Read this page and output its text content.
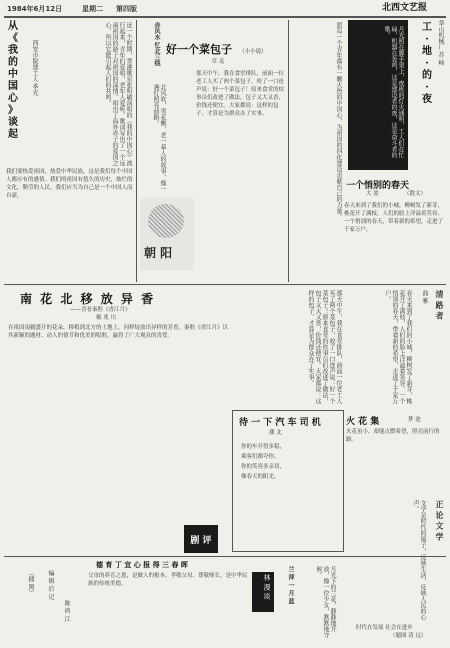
1984年6月12日	星期二	第四版	北西文艺报
从
《
我
的
中
国
心
》
谈
起
西安市院建工人 季光	近一个时期，香港歌星张明敏演唱的《我的中国心》流行起来，青年们爱唱，老年人爱听。歌词写出了一个远离祖国的游子对祖国的深情。唱出了海外赤子的爱国之心，所以它能引起人们的共鸣。
我们要热爱祖国，热爱中华民族，这是我们每个中国人都应有的感情。我们的祖国有悠久的历史，灿烂的文化，勤劳的人民，我们应当为自己是一个中国人而自豪。
赤风水 忆北三线
北风吹，雪花飘，老一辈人的故事，像一盏灯照亮前路。
朝 阳
好一个菜包子 （小小说）
草 麦
那天中午，我在食堂排队，前面一位老工人买了两个菜包子，咬了一口连声说：好一个菜包子！原来食堂的炊事员们改进了做法，包子又大又香，价钱还便宜。大家都说：这样的包子，才算是为群众办了实事。
一个悄别的春天
（散文）
大 盈
春天来到了我们的小城，柳树发了新芽，桃花开了满枝，人们的脸上洋溢着笑容。一个悄别的春天，带着新的希望，走进了千家万户。
愿每一个青年都有一颗火热的中国心，为祖国的四化建设贡献自己的力量。	月光照在脚手架上，夜班的灯火通明，工人们在忙碌，机器在轰鸣，这是建设者的夜，这是奋斗者的歌。	工
·
地
·
的
·
夜
华山机械厂 苏 峰
南 花 北 移 放 异 香
——喜看秦腔《香江月》
戴 兆 川
在祖国南疆盛开的花朵，移植到北方的土地上，同样绽放出异样的芳香。秦腔《香江月》以其新颖的题材、动人的情节和优美的唱腔，赢得了广大观众的喜爱。
待 一 下 汽 车 司 机
潮 北
你的车开得多稳，
乘客们都夸你。
你的笑容多亲切，
像春天的阳光。
那天中午，我在食堂排队，前面一位老工人买了两个菜包子，咬了一口连声说：好一个菜包子！原来食堂的炊事员们改进了做法，包子又大又香，价钱还便宜。大家都说：这样的包子，才算是为群众办了实事。
剧 评
德 育 丁 宜 心 报 得 三 春 晖
父母的养育之恩，是做人的根本。孝敬父母，尊敬师长，是中华民族的传统美德。	林 漫 谈
（插 图）	编 辑 后 记
陈 鸿 江
兰 萍 一 月 蓝	月光下的兰花，静静地开放，像一位少女，默默地守候。
火 花 集	梦 池
火花虽小，却能点燃希望，照亮前行的路。
清 路 者
曲 雅
春天来到了我们的小城，柳树发了新芽，桃花开了满枝，人们的脸上洋溢着笑容。一个悄别的春天，带着新的希望，走进了千家万户。
正 论 文 学
文学是时代的镜子，反映生活，反映人民的心声。
时代在发展 社会在进步
（题图 清 远）
